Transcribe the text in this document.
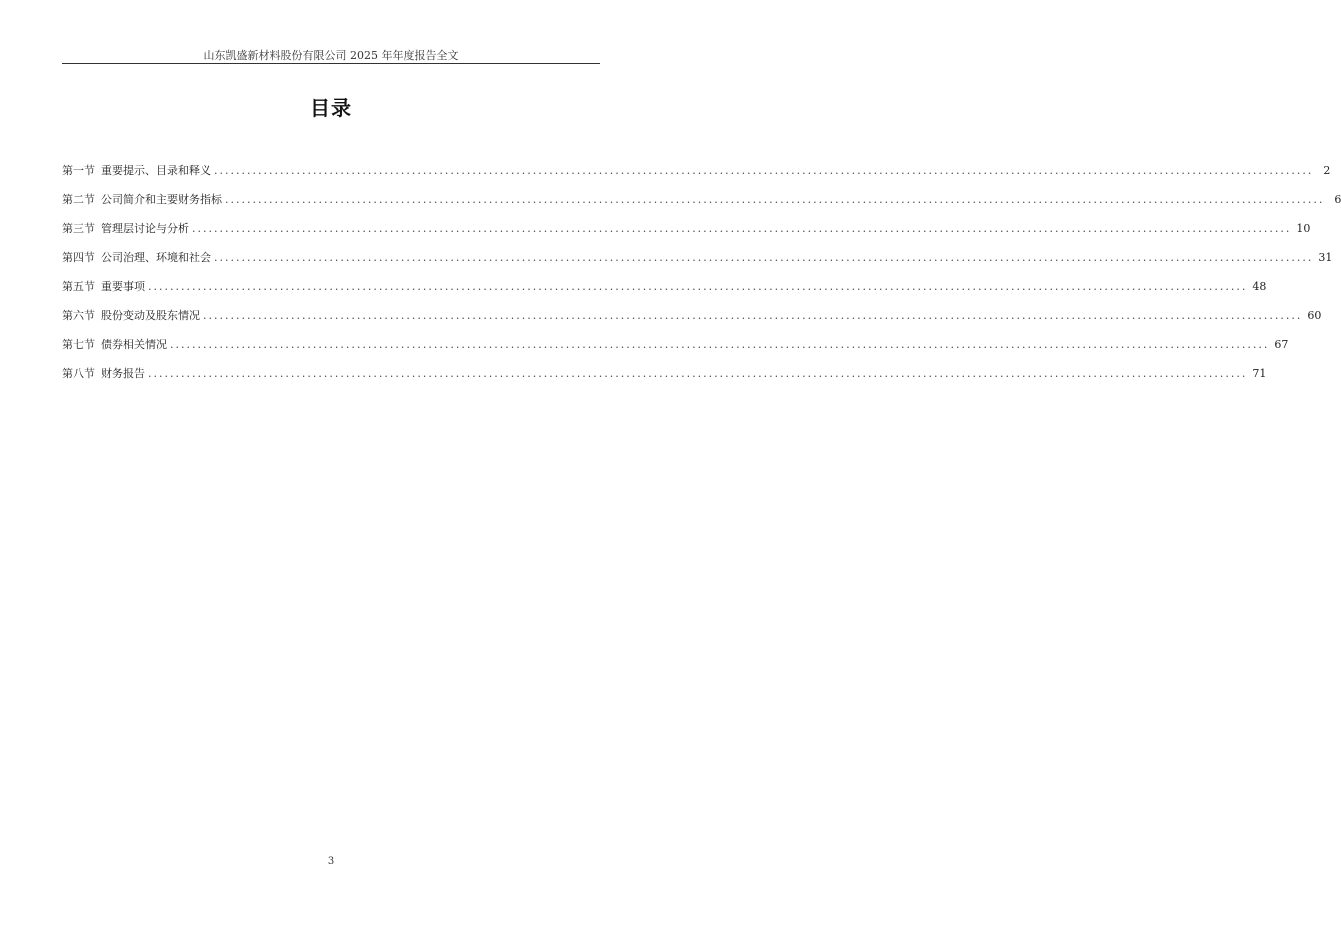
山东凯盛新材料股份有限公司 2025 年年度报告全文
目录
第一节 重要提示、目录和释义 ........................................................................................................................................................................................................ 2
第二节 公司简介和主要财务指标 ........................................................................................................................................................................................................ 6
第三节 管理层讨论与分析 ........................................................................................................................................................................................................ 10
第四节 公司治理、环境和社会 ........................................................................................................................................................................................................ 31
第五节 重要事项 ........................................................................................................................................................................................................ 48
第六节 股份变动及股东情况 ........................................................................................................................................................................................................ 60
第七节 债券相关情况 ........................................................................................................................................................................................................ 67
第八节 财务报告 ........................................................................................................................................................................................................ 71
3
